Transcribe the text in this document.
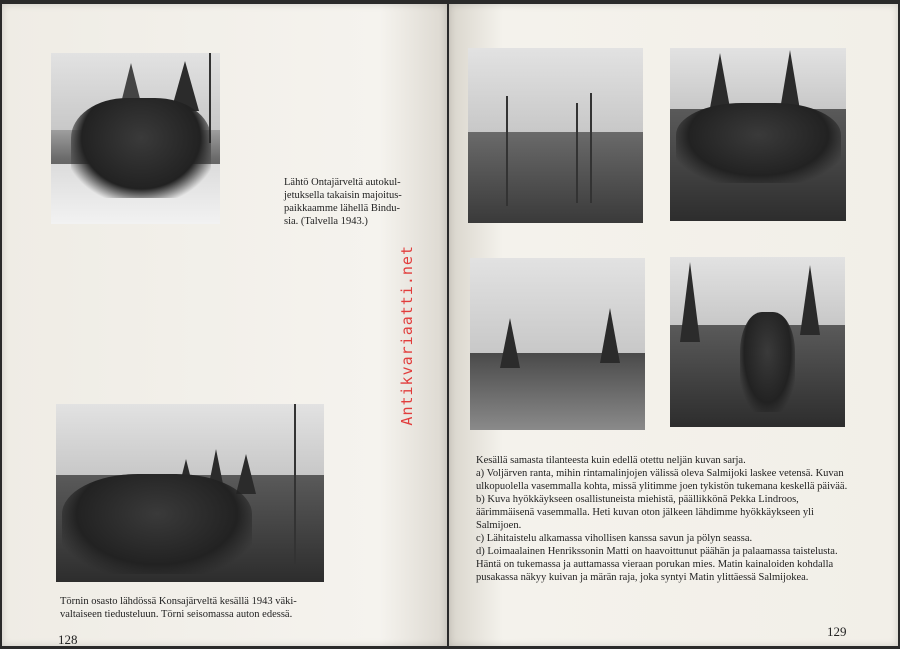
Lähtö Ontajärveltä autokul-
jetuksella takaisin majoitus-
paikkaamme lähellä Bindu-
sia. (Talvella 1943.)
Törnin osasto lähdössä Konsajärveltä kesällä 1943 väki-
valtaiseen tiedusteluun. Törni seisomassa auton edessä.
128
Antikvariaatti.net

Kesällä samasta tilanteesta kuin edellä otettu neljän kuvan sarja.

a) Voljärven ranta, mihin rintamalinjojen välissä oleva Salmijoki laskee vetensä. Kuvan ulkopuolella vasemmalla kohta, missä ylitimme joen tykistön tukemana keskellä päivää.

b) Kuva hyökkäykseen osallistuneista miehistä, päällikkönä Pekka Lindroos, äärimmäisenä vasemmalla. Heti kuvan oton jälkeen lähdimme hyökkäykseen yli Salmijoen.

c) Lähitaistelu alkamassa vihollisen kanssa savun ja pölyn seassa.

d) Loimaalainen Henrikssonin Matti on haavoittunut päähän ja palaamassa taistelusta. Häntä on tukemassa ja auttamassa vieraan porukan mies. Matin kainaloiden kohdalla pusakassa näkyy kuivan ja märän raja, joka syntyi Matin ylittäessä Salmijokea.

129
